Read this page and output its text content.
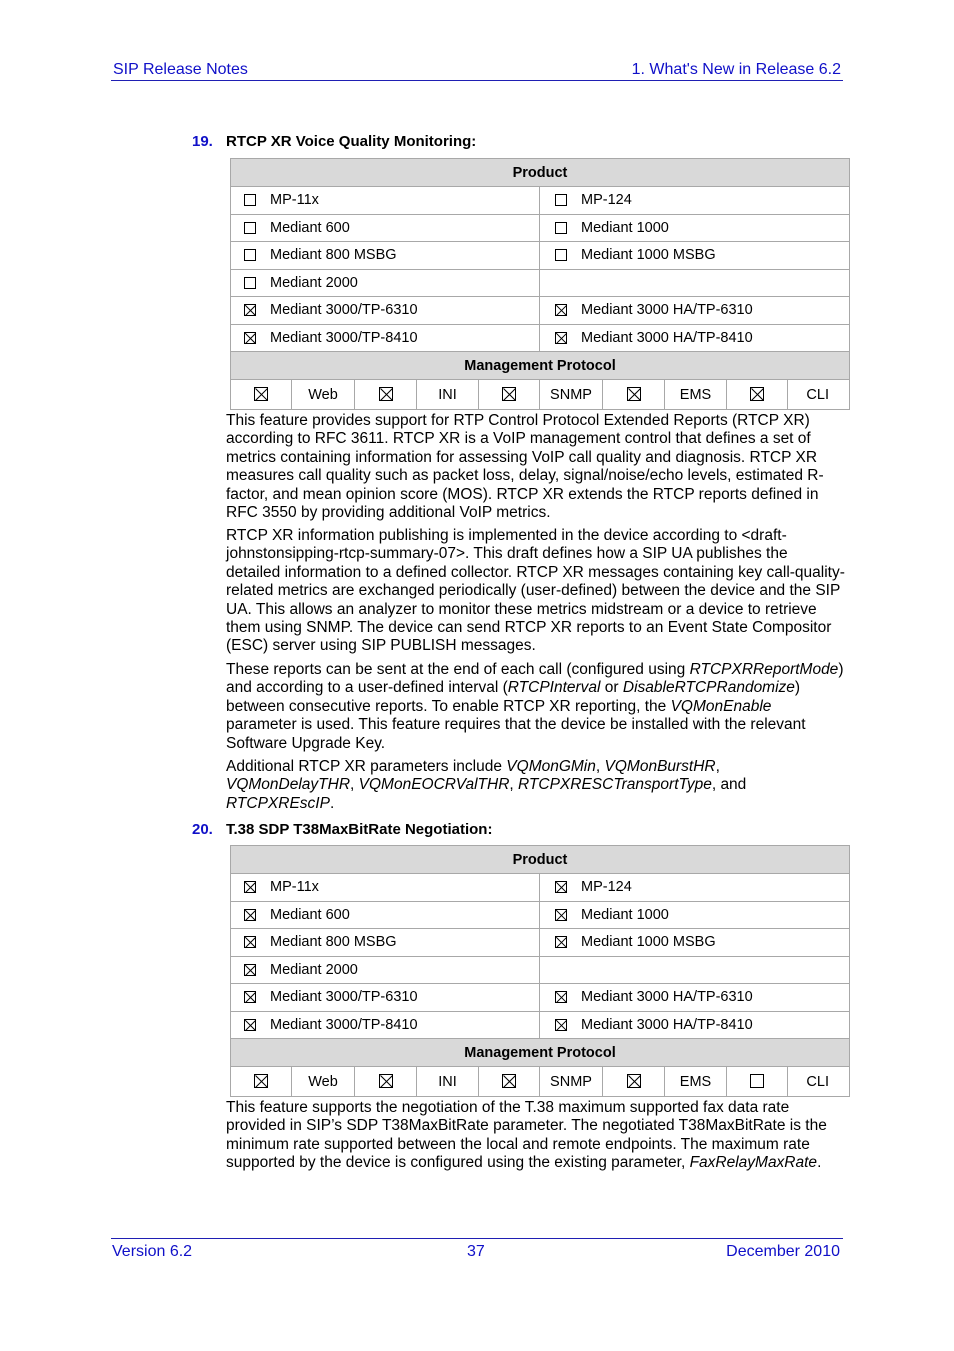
SIP Release Notes	1. What's New in Release 6.2
19. RTCP XR Voice Quality Monitoring:
Product									
MP-11x					MP-124				
Mediant 600					Mediant 1000				
Mediant 800 MSBG					Mediant 1000 MSBG				
Mediant 2000									
Mediant 3000/TP-6310					Mediant 3000 HA/TP-6310				
Mediant 3000/TP-8410					Mediant 3000 HA/TP-8410				
Management Protocol									
	Web		INI		SNMP		EMS		CLI

This feature provides support for RTP Control Protocol Extended Reports (RTCP XR) according to RFC 3611. RTCP XR is a VoIP management control that defines a set of metrics containing information for assessing VoIP call quality and diagnosis. RTCP XR measures call quality such as packet loss, delay, signal/noise/echo levels, estimated R-factor, and mean opinion score (MOS). RTCP XR extends the RTCP reports defined in RFC 3550 by providing additional VoIP metrics.

RTCP XR information publishing is implemented in the device according to <draft-johnstonsipping-rtcp-summary-07>. This draft defines how a SIP UA publishes the detailed information to a defined collector. RTCP XR messages containing key call-quality-related metrics are exchanged periodically (user-defined) between the device and the SIP UA. This allows an analyzer to monitor these metrics midstream or a device to retrieve them using SNMP. The device can send RTCP XR reports to an Event State Compositor (ESC) server using SIP PUBLISH messages.

These reports can be sent at the end of each call (configured using RTCPXRReportMode) and according to a user-defined interval (RTCPInterval or DisableRTCPRandomize) between consecutive reports. To enable RTCP XR reporting, the VQMonEnable parameter is used. This feature requires that the device be installed with the relevant Software Upgrade Key.

Additional RTCP XR parameters include VQMonGMin, VQMonBurstHR, VQMonDelayTHR, VQMonEOCRValTHR, RTCPXRESCTransportType, and RTCPXREscIP.

20. T.38 SDP T38MaxBitRate Negotiation:
Product									
MP-11x					MP-124				
Mediant 600					Mediant 1000				
Mediant 800 MSBG					Mediant 1000 MSBG				
Mediant 2000									
Mediant 3000/TP-6310					Mediant 3000 HA/TP-6310				
Mediant 3000/TP-8410					Mediant 3000 HA/TP-8410				
Management Protocol									
	Web		INI		SNMP		EMS		CLI

This feature supports the negotiation of the T.38 maximum supported fax data rate provided in SIP’s SDP T38MaxBitRate parameter. The negotiated T38MaxBitRate is the minimum rate supported between the local and remote endpoints. The maximum rate supported by the device is configured using the existing parameter, FaxRelayMaxRate.

Version 6.2	37	December 2010
